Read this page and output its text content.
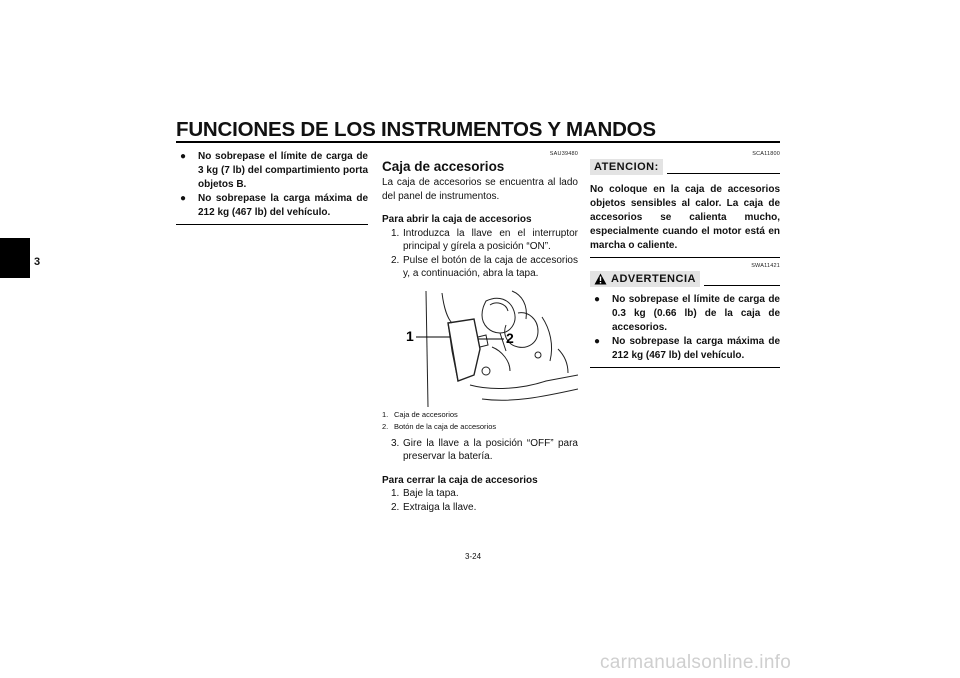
FUNCIONES DE LOS INSTRUMENTOS Y MANDOS
3
● No sobrepase el límite de carga de 3 kg (7 lb) del compartimiento porta objetos B.
● No sobrepase la carga máxima de 212 kg (467 lb) del vehículo.
SAU39480
Caja de accesorios
La caja de accesorios se encuentra al lado del panel de instrumentos.
Para abrir la caja de accesorios
1. Introduzca la llave en el interruptor principal y gírela a posición “ON”.
2. Pulse el botón de la caja de accesorios y, a continuación, abra la tapa.
1	2
1. Caja de accesorios
2. Botón de la caja de accesorios
3. Gire la llave a la posición “OFF” para preservar la batería.
Para cerrar la caja de accesorios
1. Baje la tapa.
2. Extraiga la llave.
SCA11800
ATENCION:
No coloque en la caja de accesorios objetos sensibles al calor. La caja de accesorios se calienta mucho, especialmente cuando el motor está en marcha o caliente.
SWA11421
ADVERTENCIA
● No sobrepase el límite de carga de 0.3 kg (0.66 lb) de la caja de accesorios.
● No sobrepase la carga máxima de 212 kg (467 lb) del vehículo.
3-24
carmanualsonline.info
